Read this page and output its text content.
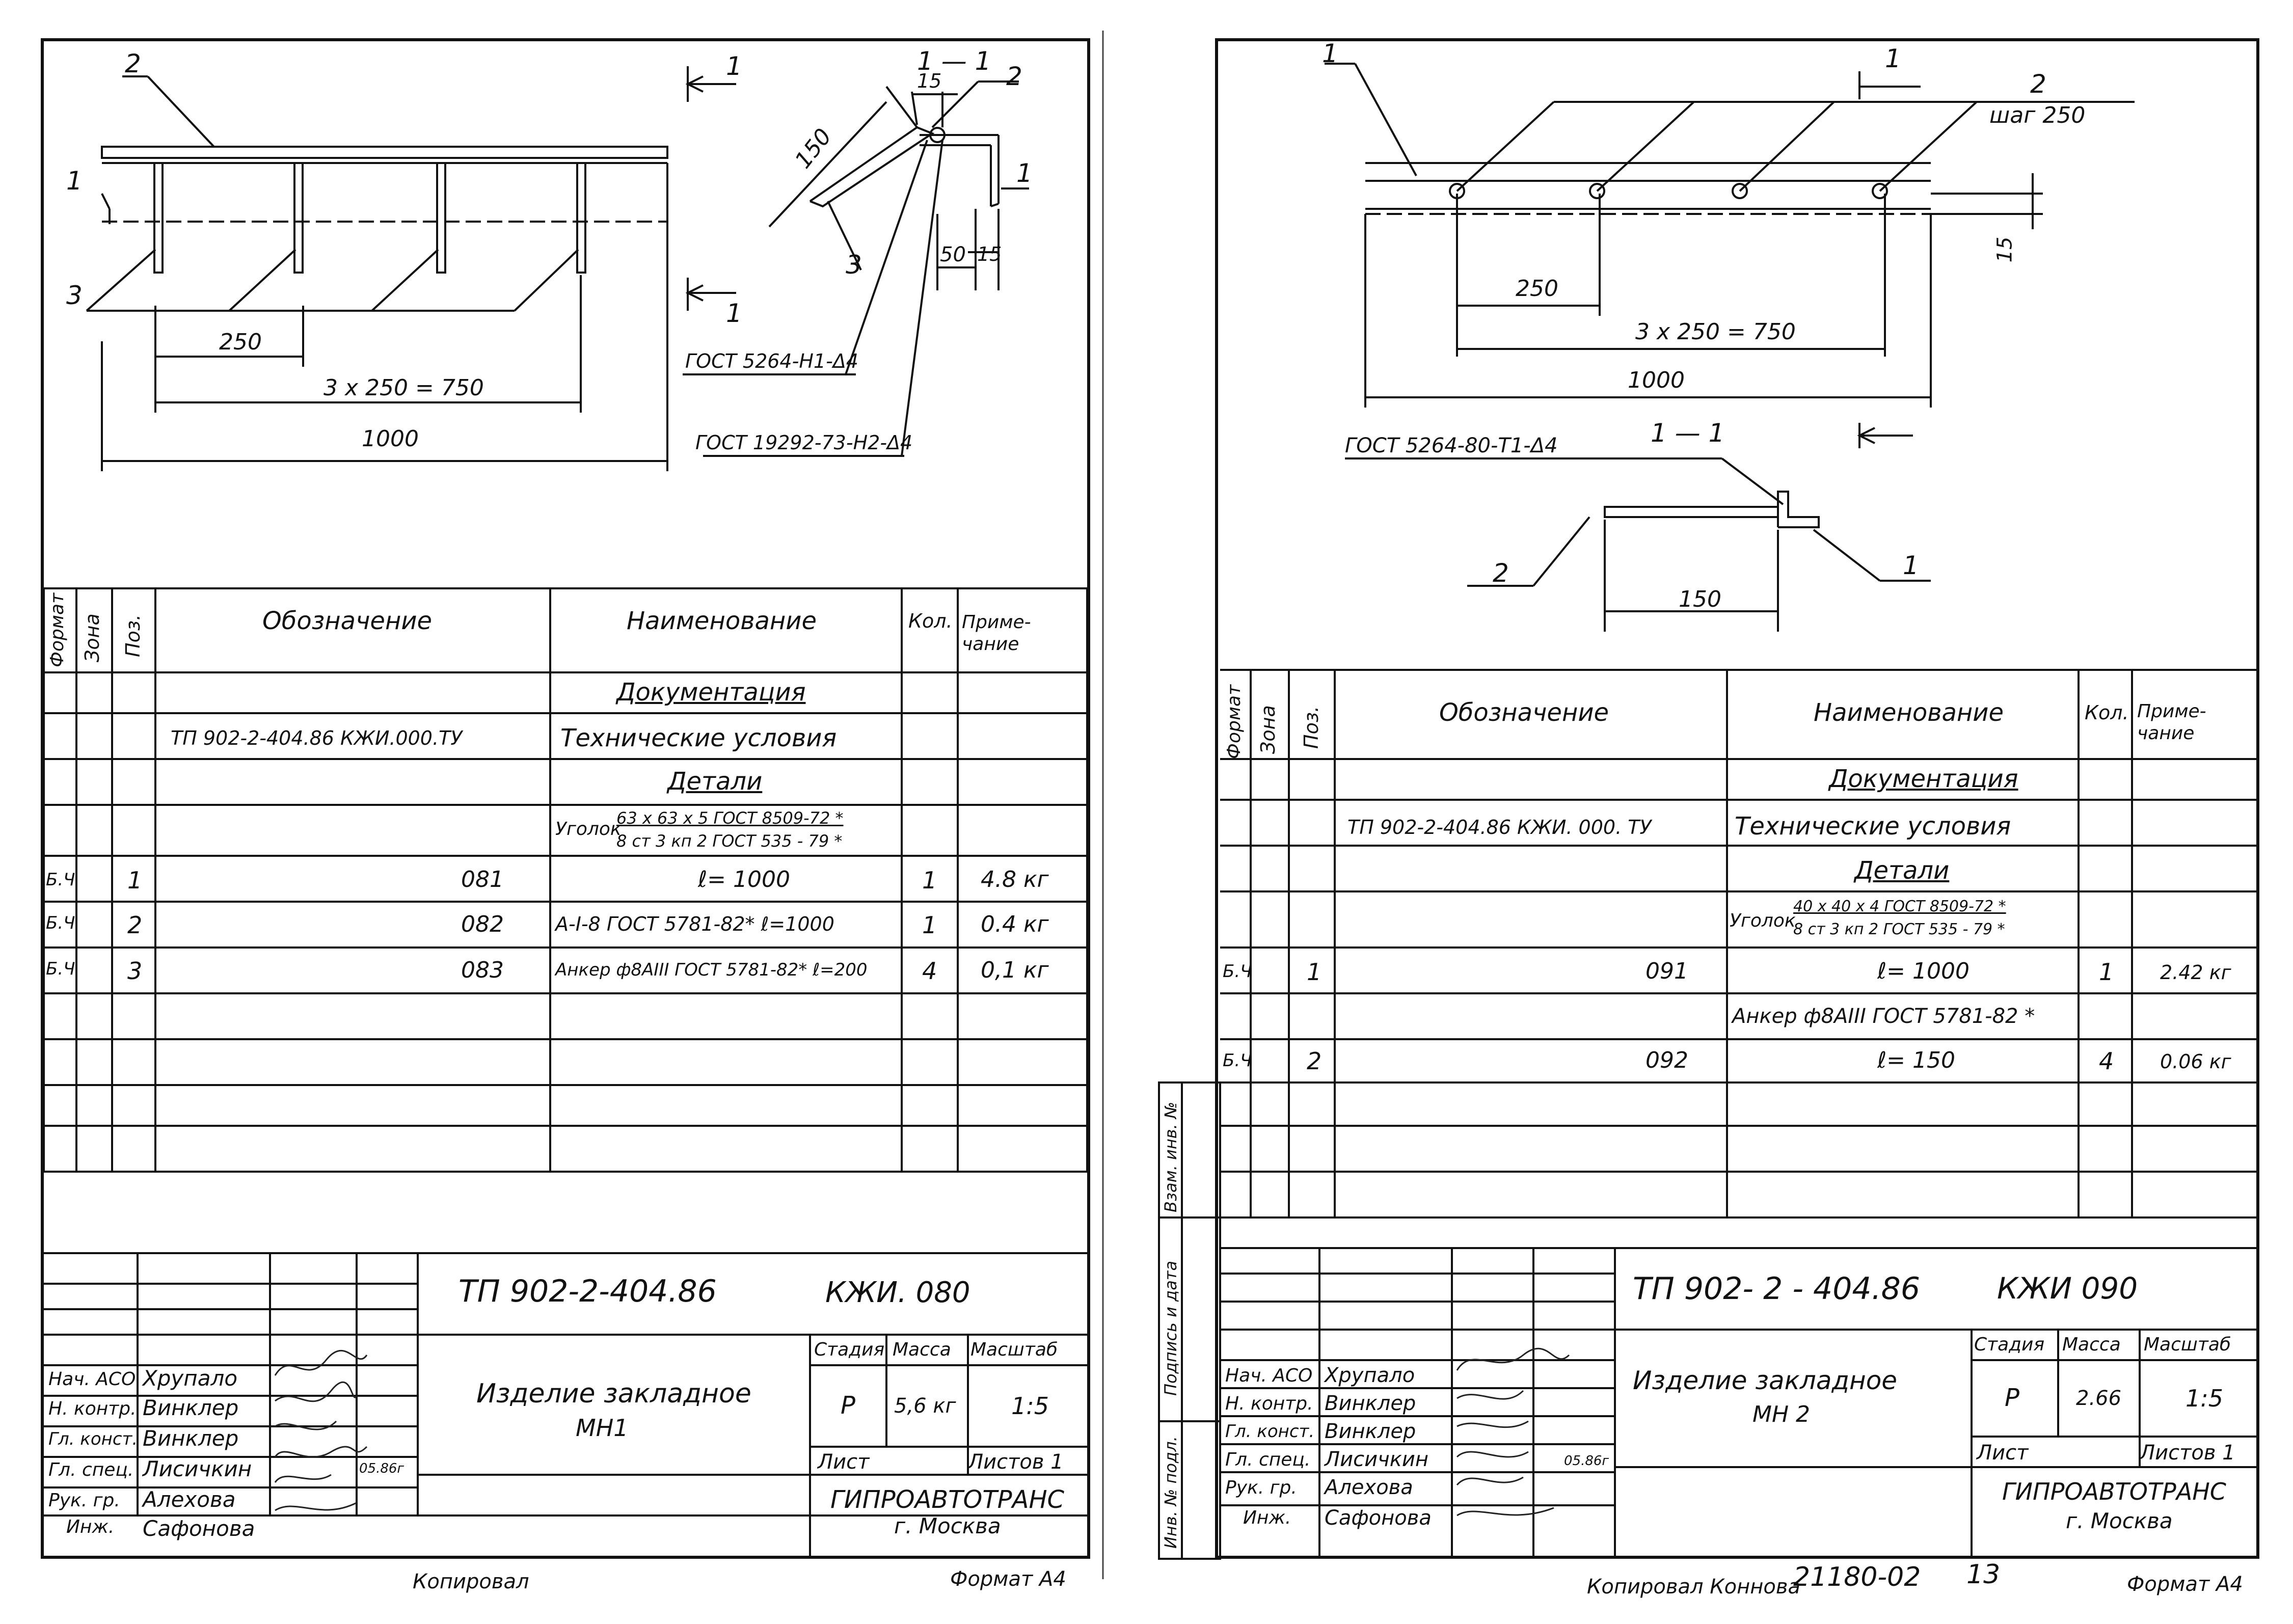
1
1
2
3
1 — 1
2
3
150
15
50 15
1
1
250
3 x 250 = 750
1000
ГОСТ 5264-Н1-Δ4
ГОСТ 19292-73-Н2-Δ4
Формат Зона Поз.	Обозначение	Наименование	Кол. Приме-чание
Документация
ТП 902-2-404.86 КЖИ.000.ТУ	Технические условия
Детали
Уголок
63 х 63 х 5 ГОСТ 8509-72 *
8 ст 3 кп 2 ГОСТ 535 - 79 *
Б.Ч 1	081	ℓ= 1000	1 4.8 кг
Б.Ч 2	082	А-I-8 ГОСТ 5781-82* ℓ=1000	1 0.4 кг
Б.Ч 3	083	Анкер ф8АIII ГОСТ 5781-82* ℓ=200 4 0,1 кг
ТП 902-2-404.86	КЖИ. 080
Изделие закладное
МН1
Стадия Масса Масштаб
Р 5,6 кг 1:5
Лист	Листов 1
ГИПРОАВТОТРАНС
г. Москва
Нач. АСО Хрупало
Н. контр. Винклер
Гл. конст. Винклер
Гл. спец. Лисичкин
Рук. гр. Алехова
Инж. Сафонова
05.86г
Копировал	Формат А4
1	1
2
шаг 250
15
250
3 х 250 = 750
1000
1 — 1
ГОСТ 5264-80-Т1-Δ4
2	1
150
Формат Зона Поз.	Обозначение	Наименование	Кол. Приме-чание
Документация
ТП 902-2-404.86 КЖИ. 000. ТУ	Технические условия
Детали
Уголок
40 х 40 х 4 ГОСТ 8509-72 *
8 ст 3 кп 2 ГОСТ 535 - 79 *
Б.Ч 1	091	ℓ= 1000	1 2.42 кг
Анкер ф8АIII ГОСТ 5781-82 *
Б.Ч 2	092	ℓ= 150	4 0.06 кг
Инв. № подл.
Подпись и дата
Взам. инв. №
ТП 902- 2 - 404.86	КЖИ 090
Изделие закладное
МН 2
Стадия Масса Масштаб
Р	2.66	1:5
Лист	Листов 1
ГИПРОАВТОТРАНС
г. Москва
Нач. АСО Хрупало
Н. контр. Винклер
Гл. конст. Винклер
Гл. спец. Лисичкин
Рук. гр. Алехова
Инж. Сафонова
05.86г
Копировал Коннова
21180-02 13	Формат А4
